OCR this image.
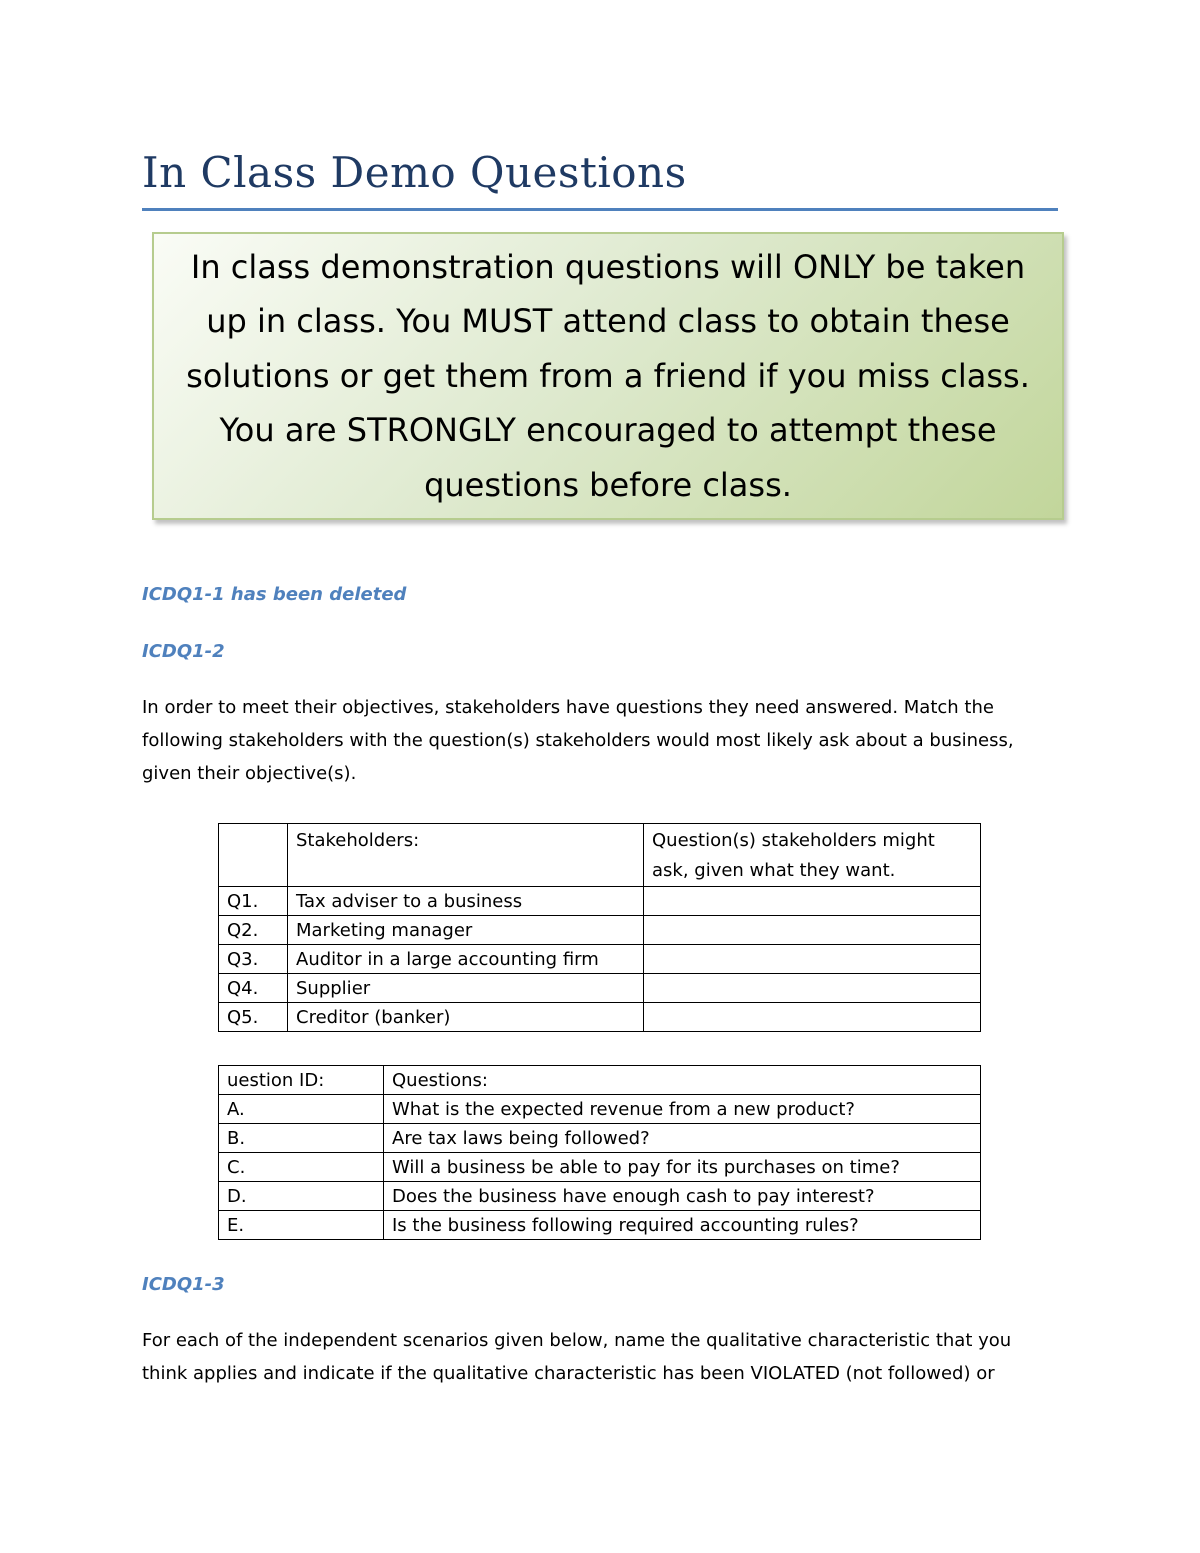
In Class Demo Questions

In class demonstration questions will ONLY be taken up in class. You MUST attend class to obtain these solutions or get them from a friend if you miss class. You are STRONGLY encouraged to attempt these questions before class.

ICDQ1-1 has been deleted

ICDQ1-2

In order to meet their objectives, stakeholders have questions they need answered. Match the following stakeholders with the question(s) stakeholders would most likely ask about a business, given their objective(s).

	Stakeholders:	Question(s) stakeholders might ask, given what they want.
Q1.	Tax adviser to a business	
Q2.	Marketing manager	
Q3.	Auditor in a large accounting firm	
Q4.	Supplier	
Q5.	Creditor (banker)	
uestion ID:	Questions:
A.	What is the expected revenue from a new product?
B.	Are tax laws being followed?
C.	Will a business be able to pay for its purchases on time?
D.	Does the business have enough cash to pay interest?
E.	Is the business following required accounting rules?

ICDQ1-3

For each of the independent scenarios given below, name the qualitative characteristic that you think applies and indicate if the qualitative characteristic has been VIOLATED (not followed) or
